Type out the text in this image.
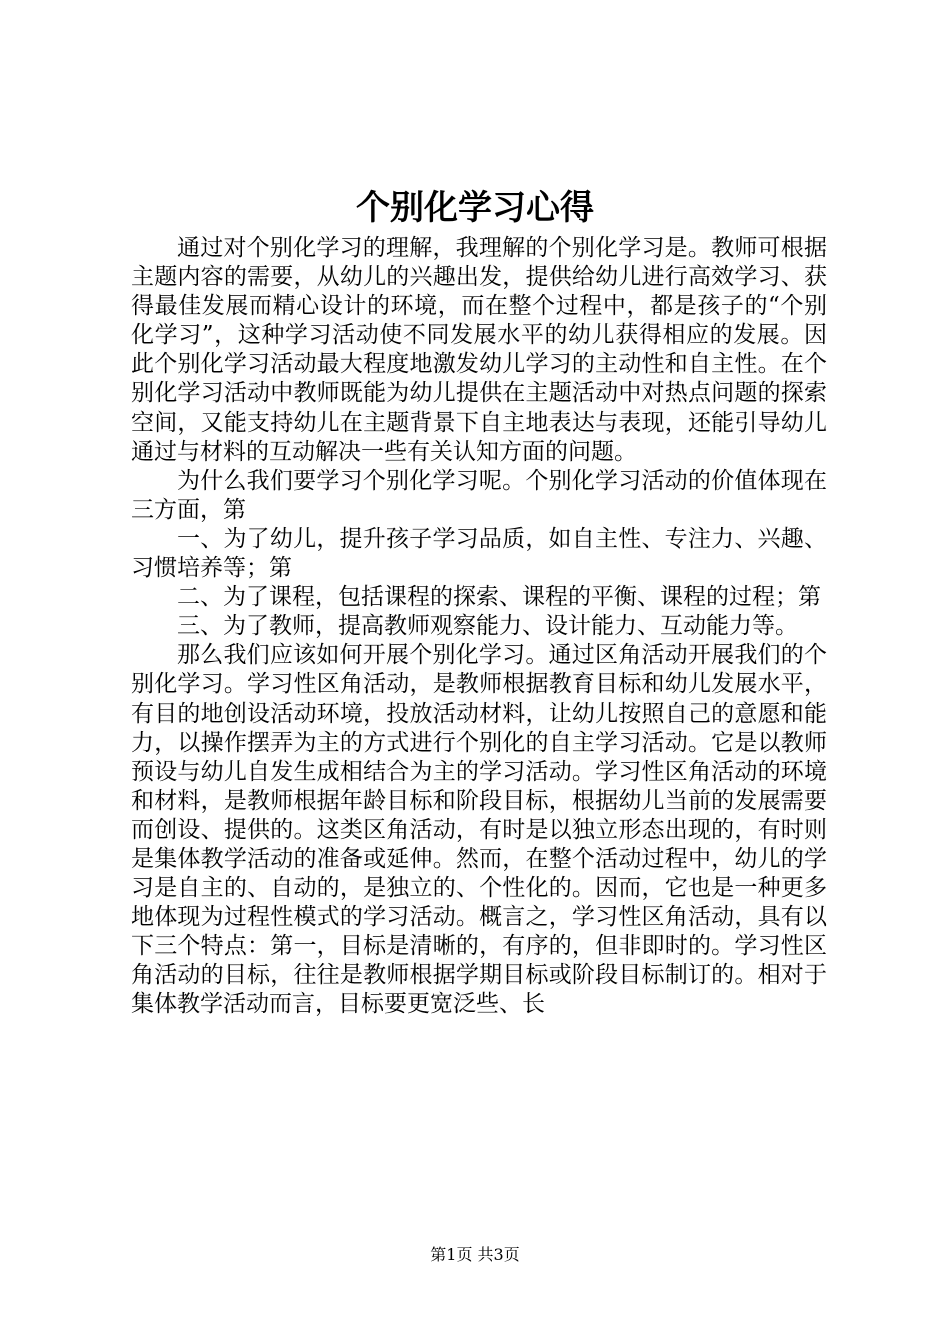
个别化学习心得

通过对个别化学习的理解，我理解的个别化学习是。教师可根据主题内容的需要，从幼儿的兴趣出发，提供给幼儿进行高效学习、获得最佳发展而精心设计的环境，而在整个过程中，都是孩子的“个别化学习”，这种学习活动使不同发展水平的幼儿获得相应的发展。因此个别化学习活动最大程度地激发幼儿学习的主动性和自主性。在个别化学习活动中教师既能为幼儿提供在主题活动中对热点问题的探索空间，又能支持幼儿在主题背景下自主地表达与表现，还能引导幼儿通过与材料的互动解决一些有关认知方面的问题。

为什么我们要学习个别化学习呢。个别化学习活动的价值体现在三方面，第

一、为了幼儿，提升孩子学习品质，如自主性、专注力、兴趣、习惯培养等；第

二、为了课程，包括课程的探索、课程的平衡、课程的过程；第

三、为了教师，提高教师观察能力、设计能力、互动能力等。

那么我们应该如何开展个别化学习。通过区角活动开展我们的个别化学习。学习性区角活动，是教师根据教育目标和幼儿发展水平，有目的地创设活动环境，投放活动材料，让幼儿按照自己的意愿和能力，以操作摆弄为主的方式进行个别化的自主学习活动。它是以教师预设与幼儿自发生成相结合为主的学习活动。学习性区角活动的环境和材料，是教师根据年龄目标和阶段目标，根据幼儿当前的发展需要而创设、提供的。这类区角活动，有时是以独立形态出现的，有时则是集体教学活动的准备或延伸。然而，在整个活动过程中，幼儿的学习是自主的、自动的，是独立的、个性化的。因而，它也是一种更多地体现为过程性模式的学习活动。概言之，学习性区角活动，具有以下三个特点：第一，目标是清晰的，有序的，但非即时的。学习性区角活动的目标，往往是教师根据学期目标或阶段目标制订的。相对于集体教学活动而言，目标要更宽泛些、长

第1页 共3页
